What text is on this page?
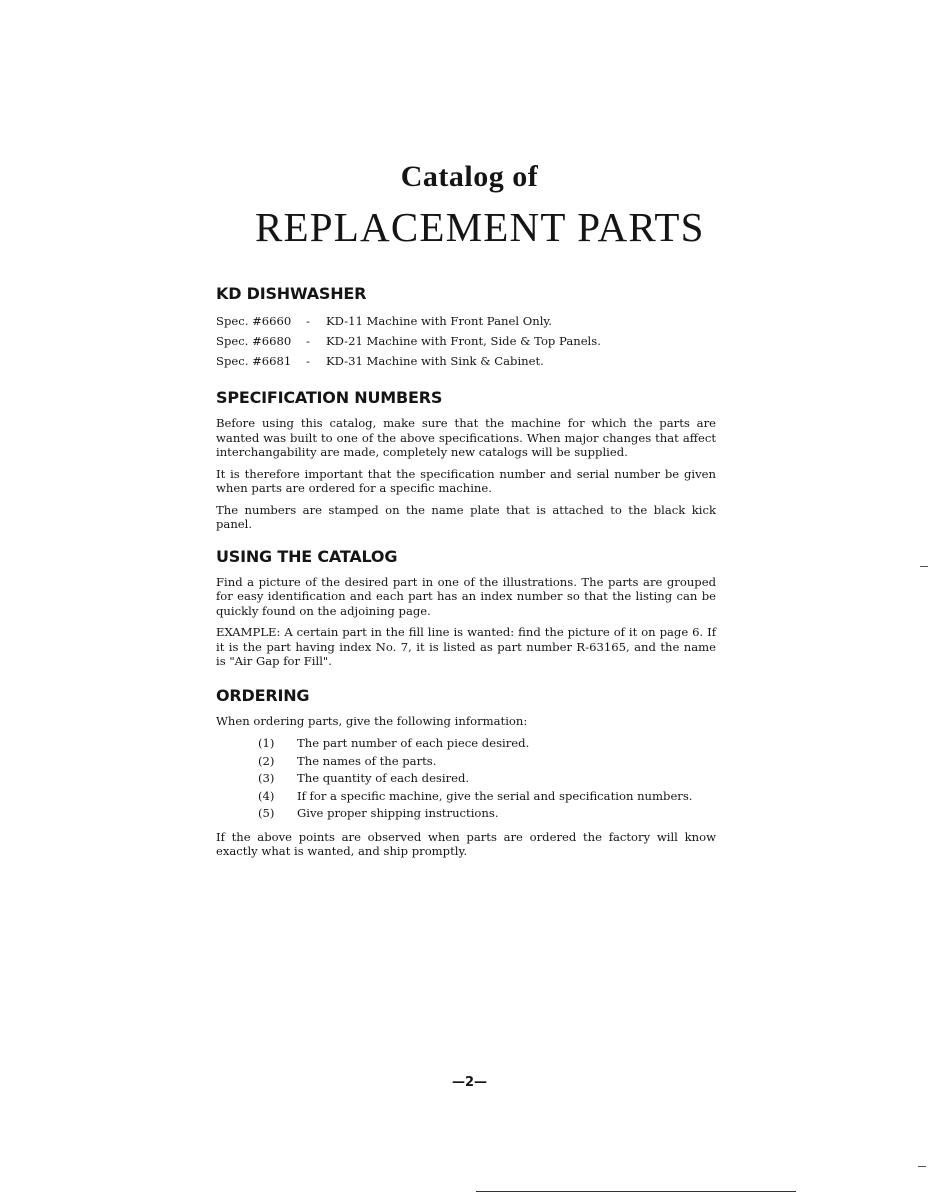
Catalog of
REPLACEMENT PARTS
KD DISHWASHER
Spec. #6660	-	KD-11 Machine with Front Panel Only.
Spec. #6680	-	KD-21 Machine with Front, Side & Top Panels.
Spec. #6681	-	KD-31 Machine with Sink & Cabinet.
SPECIFICATION NUMBERS

Before using this catalog, make sure that the machine for which the parts are wanted was built to one of the above specifications. When major changes that affect interchangability are made, completely new catalogs will be supplied.

It is therefore important that the specification number and serial number be given when parts are ordered for a specific machine.

The numbers are stamped on the name plate that is attached to the black kick panel.

USING THE CATALOG

Find a picture of the desired part in one of the illustrations. The parts are grouped for easy identification and each part has an index number so that the listing can be quickly found on the adjoining page.

EXAMPLE: A certain part in the fill line is wanted: find the picture of it on page 6. If it is the part having index No. 7, it is listed as part number R-63165, and the name is "Air Gap for Fill".

ORDERING

When ordering parts, give the following information:

(1)	The part number of each piece desired.
(2)	The names of the parts.
(3)	The quantity of each desired.
(4)	If for a specific machine, give the serial and specification numbers.
(5)	Give proper shipping instructions.

If the above points are observed when parts are ordered the factory will know exactly what is wanted, and ship promptly.

—2—
